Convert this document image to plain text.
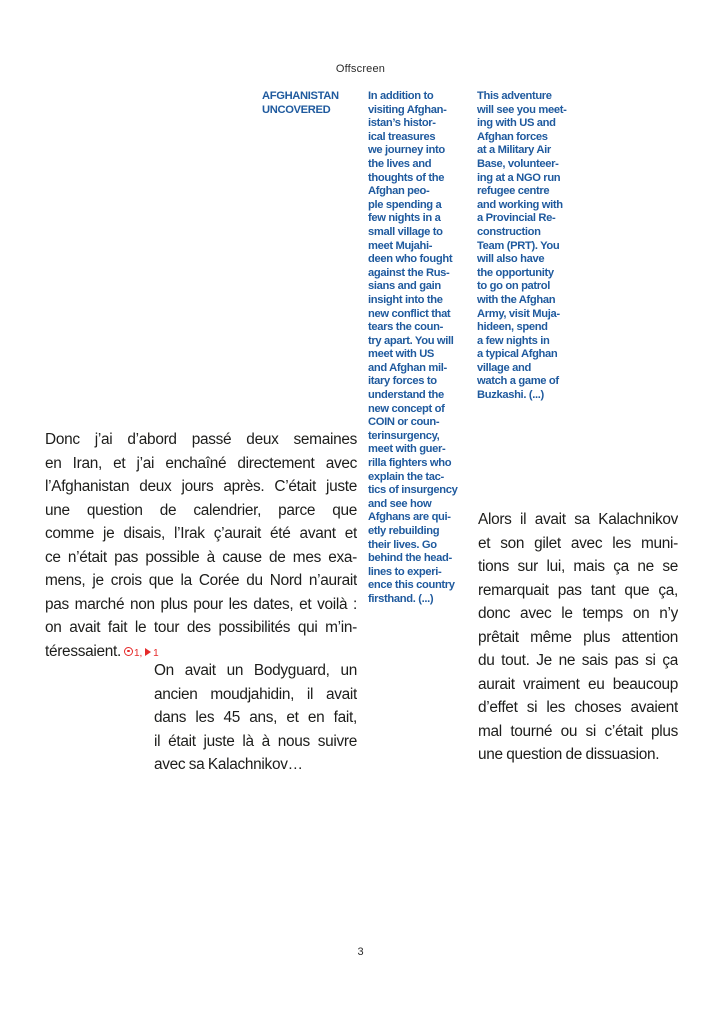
Offscreen
AFGHANISTAN
UNCOVERED
In addition to
visiting Afghan-
istan’s histor-
ical treasures
we journey into
the lives and
thoughts of the
Afghan peo-
ple spending a
few nights in a
small village to
meet Mujahi-
deen who fought
against the Rus-
sians and gain
insight into the
new conflict that
tears the coun-
try apart. You will
meet with US
and Afghan mil-
itary forces to
understand the
new concept of
COIN or coun-
terinsurgency,
meet with guer-
rilla fighters who
explain the tac-
tics of insurgency
and see how
Afghans are qui-
etly rebuilding
their lives. Go
behind the head-
lines to experi-
ence this country
firsthand. (...)
This adventure
will see you meet-
ing with US and
Afghan forces
at a Military Air
Base, volunteer-
ing at a NGO run
refugee centre
and working with
a Provincial Re-
construction
Team (PRT). You
will also have
the opportunity
to go on patrol
with the Afghan
Army, visit Muja-
hideen, spend
a few nights in
a typical Afghan
village and
watch a game of
Buzkashi. (...)
Donc j’ai d’abord passé deux semaines
en Iran, et j’ai enchaîné directement avec
l’Afghanistan deux jours après. C’était juste
une question de calendrier, parce que
comme je disais, l’Irak ç’aurait été avant et
ce n’était pas possible à cause de mes exa-
mens, je crois que la Corée du Nord n’aurait
pas marché non plus pour les dates, et voilà :
on avait fait le tour des possibilités qui m’in-
téressaient. 1, 1
On avait un Bodyguard, un
ancien moudjahidin, il avait
dans les 45 ans, et en fait,
il était juste là à nous suivre
avec sa Kalachnikov…
Alors il avait sa Kalachnikov
et son gilet avec les muni-
tions sur lui, mais ça ne se
remarquait pas tant que ça,
donc avec le temps on n’y
prêtait même plus attention
du tout. Je ne sais pas si ça
aurait vraiment eu beaucoup
d’effet si les choses avaient
mal tourné ou si c’était plus
une question de dissuasion.
3
